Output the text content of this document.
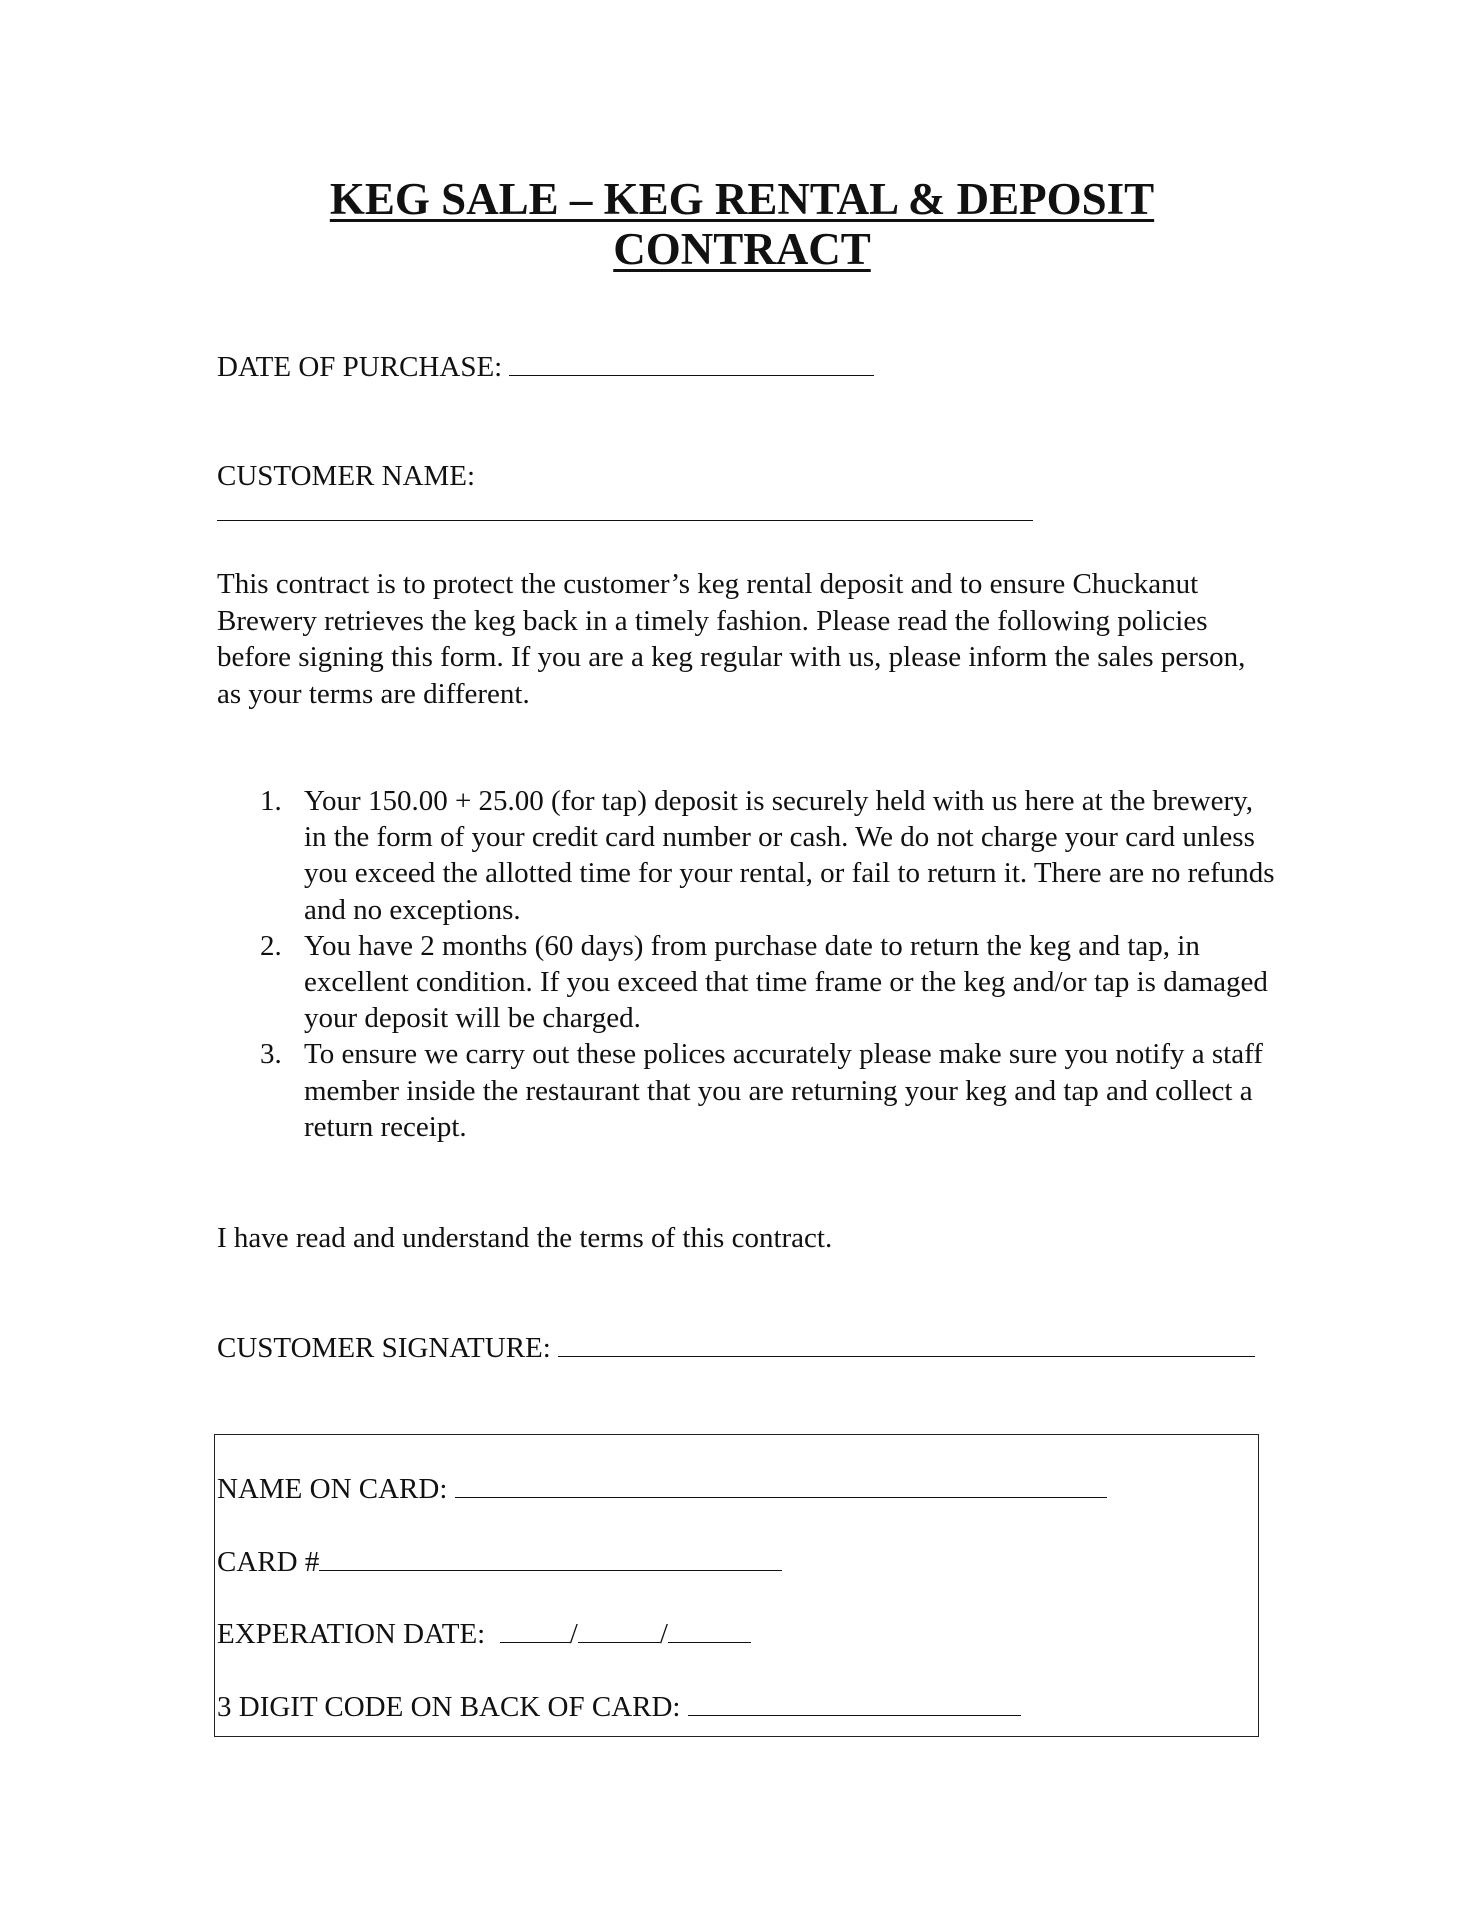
KEG SALE – KEG RENTAL & DEPOSIT
CONTRACT
DATE OF PURCHASE:
CUSTOMER NAME:
This contract is to protect the customer’s keg rental deposit and to ensure Chuckanut Brewery retrieves the keg back in a timely fashion. Please read the following policies before signing this form. If you are a keg regular with us, please inform the sales person, as your terms are different.
1. Your 150.00 + 25.00 (for tap) deposit is securely held with us here at the brewery, in the form of your credit card number or cash. We do not charge your card unless you exceed the allotted time for your rental, or fail to return it. There are no refunds and no exceptions.
2. You have 2 months (60 days) from purchase date to return the keg and tap, in excellent condition. If you exceed that time frame or the keg and/or tap is damaged your deposit will be charged.
3. To ensure we carry out these polices accurately please make sure you notify a staff member inside the restaurant that you are returning your keg and tap and collect a return receipt.
I have read and understand the terms of this contract.
CUSTOMER SIGNATURE:
NAME ON CARD:
CARD #
EXPERATION DATE:	/	/
3 DIGIT CODE ON BACK OF CARD:
